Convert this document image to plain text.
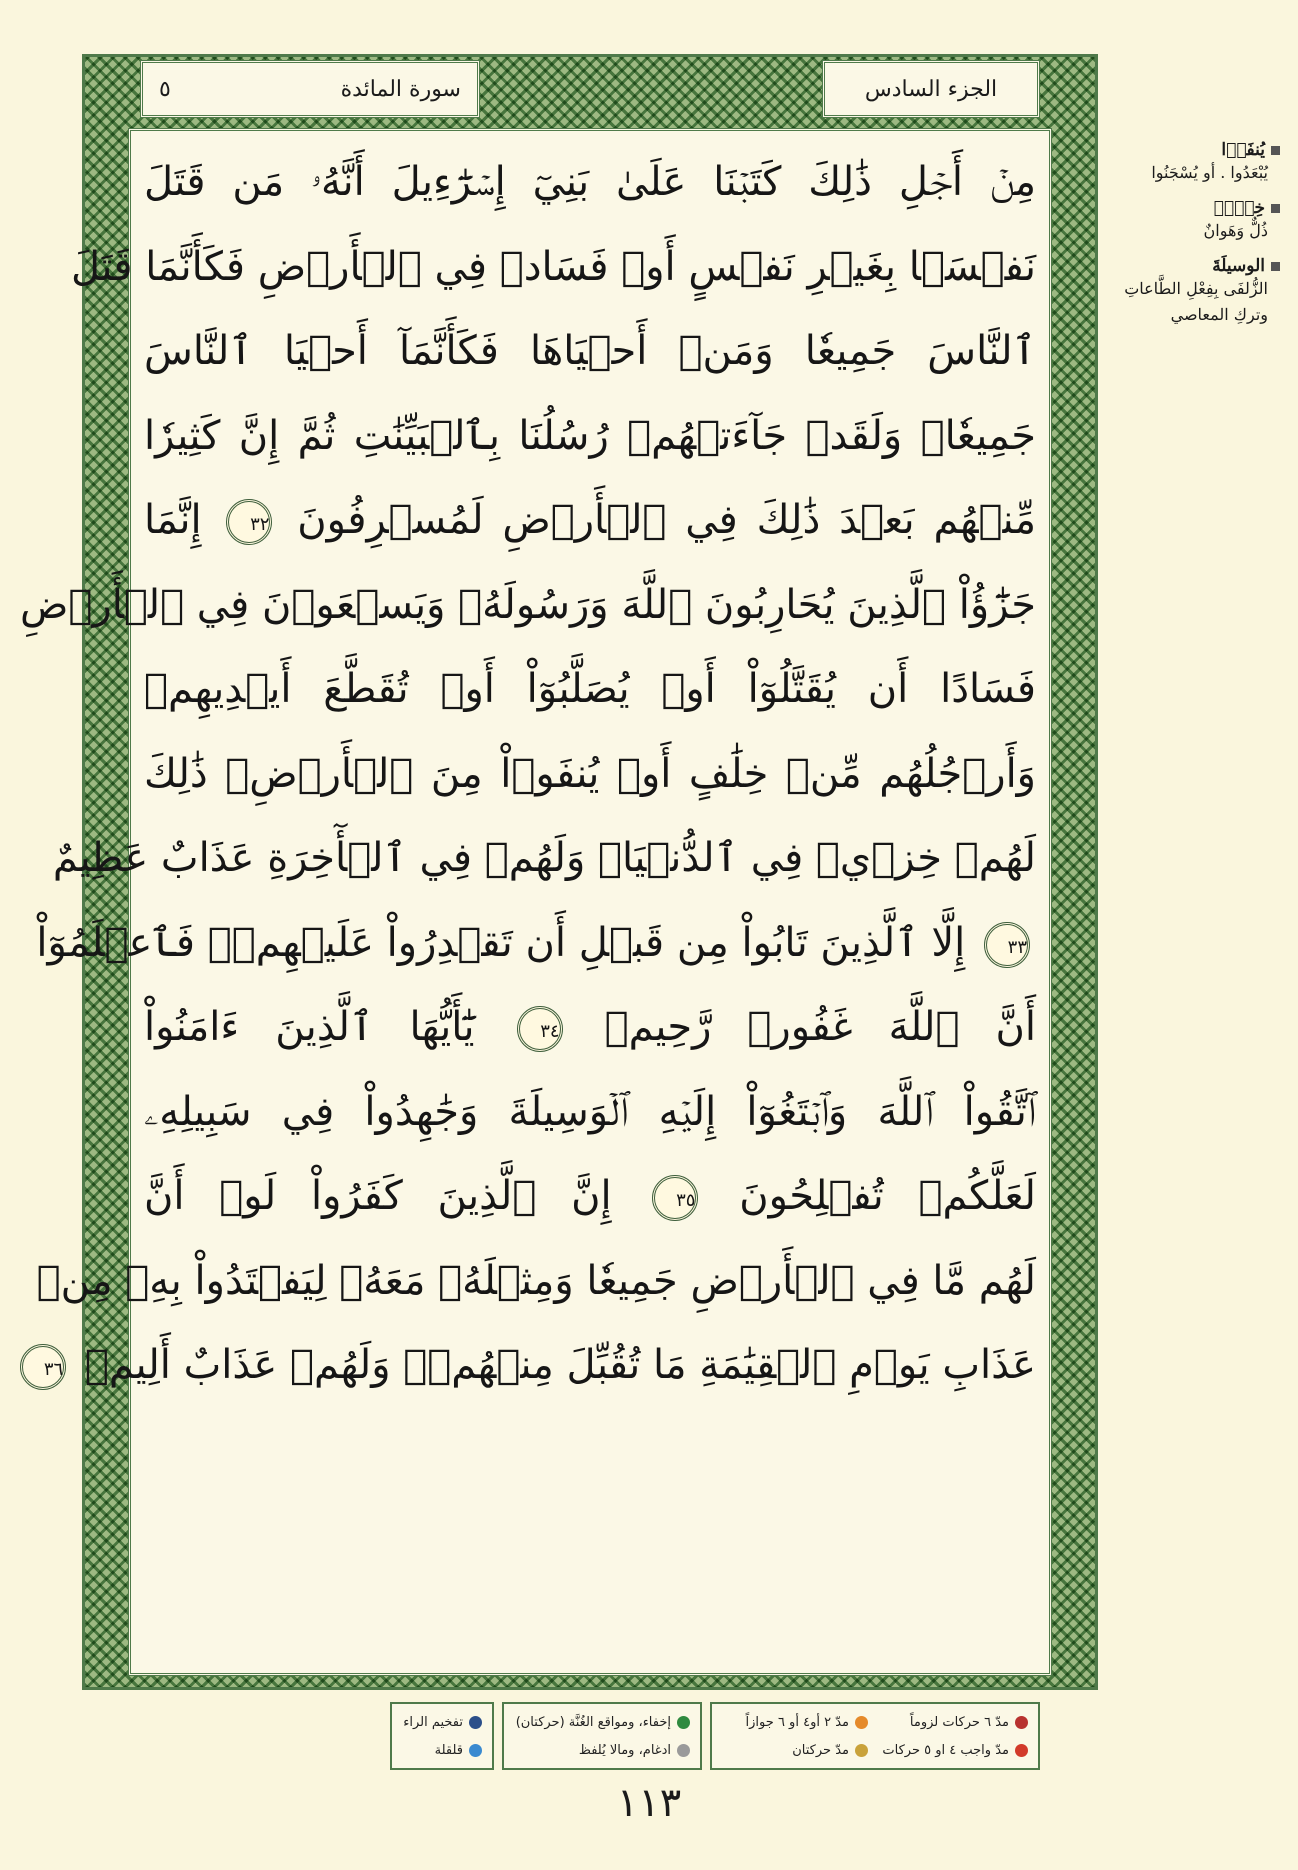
سورة المائدة
٥	الجزء السادس
مِنۡ أَجۡلِ ذَٰلِكَ كَتَبۡنَا عَلَىٰ بَنِيٓ إِسۡرَٰٓءِيلَ أَنَّهُۥ مَن قَتَلَ
نَفۡسَۢا بِغَيۡرِ نَفۡسٍ أَوۡ فَسَادٖ فِي ٱلۡأَرۡضِ فَكَأَنَّمَا قَتَلَ
ٱلنَّاسَ جَمِيعٗا وَمَنۡ أَحۡيَاهَا فَكَأَنَّمَآ أَحۡيَا ٱلنَّاسَ
جَمِيعٗاۚ وَلَقَدۡ جَآءَتۡهُمۡ رُسُلُنَا بِٱلۡبَيِّنَٰتِ ثُمَّ إِنَّ كَثِيرٗا
مِّنۡهُم بَعۡدَ ذَٰلِكَ فِي ٱلۡأَرۡضِ لَمُسۡرِفُونَ ٣٢ إِنَّمَا
جَزَٰٓؤُاْ ٱلَّذِينَ يُحَارِبُونَ ٱللَّهَ وَرَسُولَهُۥ وَيَسۡعَوۡنَ فِي ٱلۡأَرۡضِ
فَسَادًا أَن يُقَتَّلُوٓاْ أَوۡ يُصَلَّبُوٓاْ أَوۡ تُقَطَّعَ أَيۡدِيهِمۡ
وَأَرۡجُلُهُم مِّنۡ خِلَٰفٍ أَوۡ يُنفَوۡاْ مِنَ ٱلۡأَرۡضِۚ ذَٰلِكَ
لَهُمۡ خِزۡيٞ فِي ٱلدُّنۡيَاۖ وَلَهُمۡ فِي ٱلۡأٓخِرَةِ عَذَابٌ عَظِيمٌ
٣٣ إِلَّا ٱلَّذِينَ تَابُواْ مِن قَبۡلِ أَن تَقۡدِرُواْ عَلَيۡهِمۡۖ فَٱعۡلَمُوٓاْ
أَنَّ ٱللَّهَ غَفُورٞ رَّحِيمٞ ٣٤ يَٰٓأَيُّهَا ٱلَّذِينَ ءَامَنُواْ
ٱتَّقُواْ ٱللَّهَ وَٱبۡتَغُوٓاْ إِلَيۡهِ ٱلۡوَسِيلَةَ وَجَٰهِدُواْ فِي سَبِيلِهِۦ
لَعَلَّكُمۡ تُفۡلِحُونَ ٣٥ إِنَّ ٱلَّذِينَ كَفَرُواْ لَوۡ أَنَّ
لَهُم مَّا فِي ٱلۡأَرۡضِ جَمِيعٗا وَمِثۡلَهُۥ مَعَهُۥ لِيَفۡتَدُواْ بِهِۦ مِنۡ
عَذَابِ يَوۡمِ ٱلۡقِيَٰمَةِ مَا تُقُبِّلَ مِنۡهُمۡۖ وَلَهُمۡ عَذَابٌ أَلِيمٞ ٣٦
يُنفَوۡا
يُبْعَدُوا . أو يُسْجَنُوا
خِزۡيٞ
ذُلٌّ وَهَوانٌ
الوسيلَةَ
الزُّلفَى بِفِعْلِ الطَّاعاتِ وتركِ المعاصي
مدّ ٦ حركات لزوماً
مدّ ٢ أو٤ أو ٦ جوازاً
مدّ واجب ٤ او ٥ حركات
مدّ حركتان
إخفاء، ومواقع الغُنَّة (حركتان)
ادغام، ومالا يُلفظ
تفخيم الراء
قلقلة
١١٣
